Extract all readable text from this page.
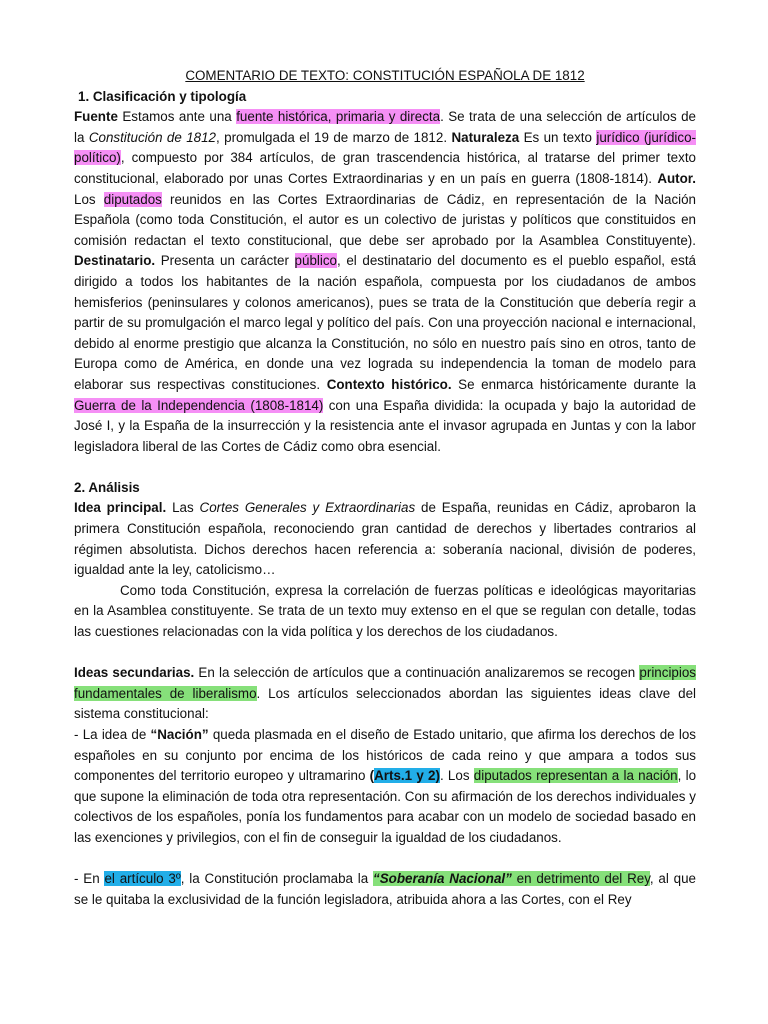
COMENTARIO DE TEXTO: CONSTITUCIÓN ESPAÑOLA DE 1812
1. Clasificación y tipología

Fuente Estamos ante una fuente histórica, primaria y directa. Se trata de una selección de artículos de la Constitución de 1812, promulgada el 19 de marzo de 1812. Naturaleza Es un texto jurídico (jurídico-político), compuesto por 384 artículos, de gran trascendencia histórica, al tratarse del primer texto constitucional, elaborado por unas Cortes Extraordinarias y en un país en guerra (1808-1814). Autor. Los diputados reunidos en las Cortes Extraordinarias de Cádiz, en representación de la Nación Española (como toda Constitución, el autor es un colectivo de juristas y políticos que constituidos en comisión redactan el texto constitucional, que debe ser aprobado por la Asamblea Constituyente). Destinatario. Presenta un carácter público, el destinatario del documento es el pueblo español, está dirigido a todos los habitantes de la nación española, compuesta por los ciudadanos de ambos hemisferios (peninsulares y colonos americanos), pues se trata de la Constitución que debería regir a partir de su promulgación el marco legal y político del país. Con una proyección nacional e internacional, debido al enorme prestigio que alcanza la Constitución, no sólo en nuestro país sino en otros, tanto de Europa como de América, en donde una vez lograda su independencia la toman de modelo para elaborar sus respectivas constituciones. Contexto histórico. Se enmarca históricamente durante la Guerra de la Independencia (1808-1814) con una España dividida: la ocupada y bajo la autoridad de José I, y la España de la insurrección y la resistencia ante el invasor agrupada en Juntas y con la labor legisladora liberal de las Cortes de Cádiz como obra esencial.

2. Análisis

Idea principal. Las Cortes Generales y Extraordinarias de España, reunidas en Cádiz, aprobaron la primera Constitución española, reconociendo gran cantidad de derechos y libertades contrarios al régimen absolutista. Dichos derechos hacen referencia a: soberanía nacional, división de poderes, igualdad ante la ley, catolicismo…

Como toda Constitución, expresa la correlación de fuerzas políticas e ideológicas mayoritarias en la Asamblea constituyente. Se trata de un texto muy extenso en el que se regulan con detalle, todas las cuestiones relacionadas con la vida política y los derechos de los ciudadanos.

Ideas secundarias. En la selección de artículos que a continuación analizaremos se recogen principios fundamentales de liberalismo. Los artículos seleccionados abordan las siguientes ideas clave del sistema constitucional:

- La idea de “Nación” queda plasmada en el diseño de Estado unitario, que afirma los derechos de los españoles en su conjunto por encima de los históricos de cada reino y que ampara a todos sus componentes del territorio europeo y ultramarino (Arts.1 y 2). Los diputados representan a la nación, lo que supone la eliminación de toda otra representación. Con su afirmación de los derechos individuales y colectivos de los españoles, ponía los fundamentos para acabar con un modelo de sociedad basado en las exenciones y privilegios, con el fin de conseguir la igualdad de los ciudadanos.

- En el artículo 3º, la Constitución proclamaba la “Soberanía Nacional” en detrimento del Rey, al que se le quitaba la exclusividad de la función legisladora, atribuida ahora a las Cortes, con el Rey
